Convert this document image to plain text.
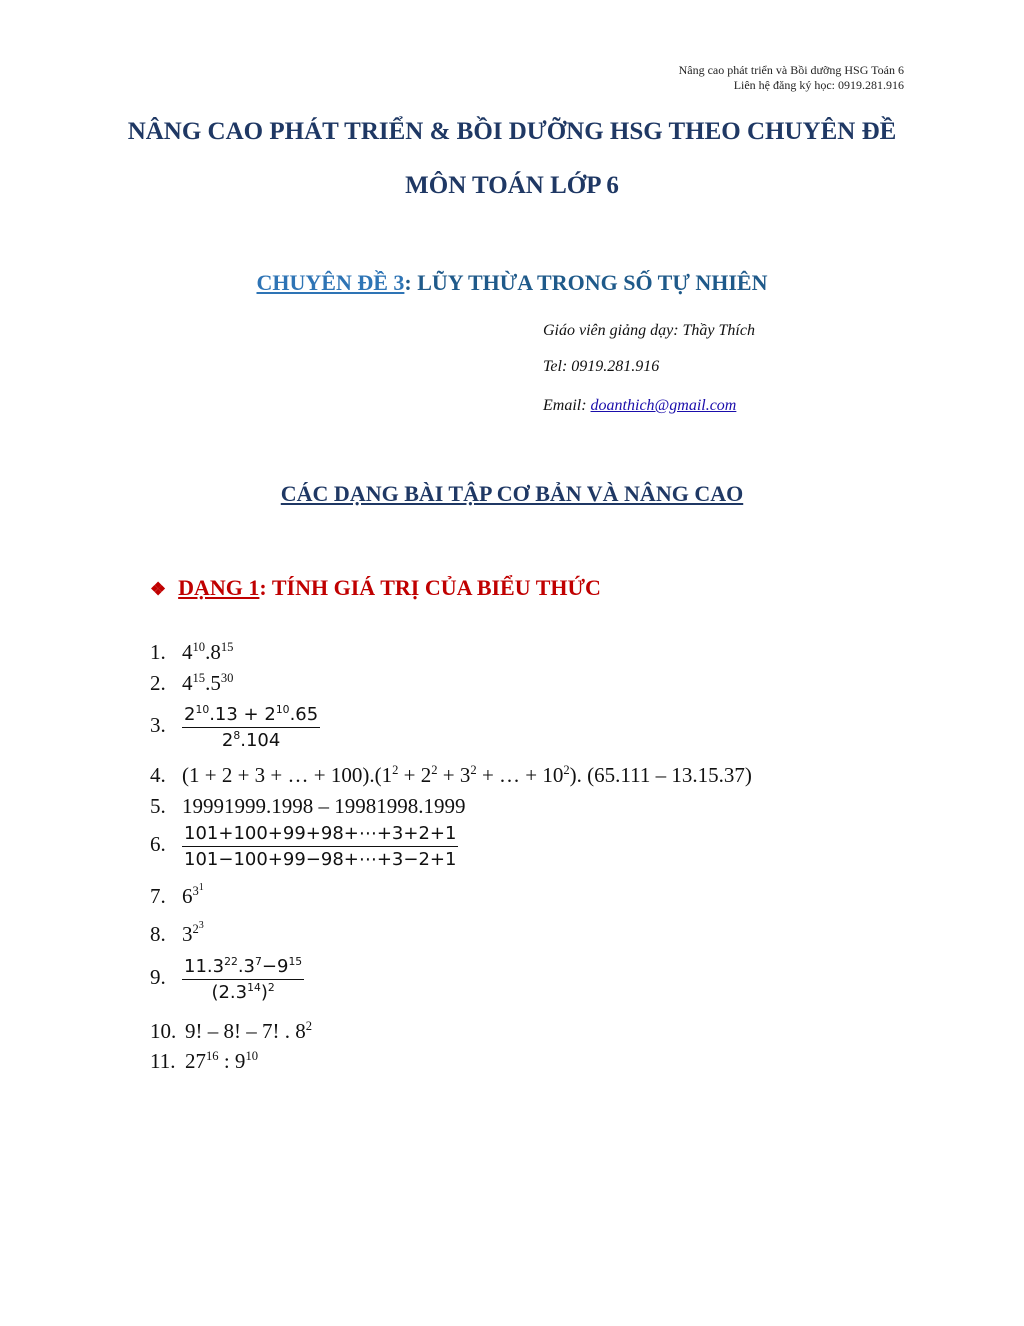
Nâng cao phát triển và Bồi dưỡng HSG Toán 6
Liên hệ đăng ký học: 0919.281.916
NÂNG CAO PHÁT TRIỂN & BỒI DƯỠNG HSG THEO CHUYÊN ĐỀ
MÔN TOÁN LỚP 6
CHUYÊN ĐỀ 3: LŨY THỪA TRONG SỐ TỰ NHIÊN
Giáo viên giảng dạy: Thầy Thích
Tel: 0919.281.916
Email: doanthich@gmail.com
CÁC DẠNG BÀI TẬP CƠ BẢN VÀ NÂNG CAO
❖ DẠNG 1: TÍNH GIÁ TRỊ CỦA BIỂU THỨC
1. $4^{10}.8^{15}$
2. $4^{15}.5^{30}$
3. $\frac{2^{10}.13 + 2^{10}.65}{2^8.104}$
4. (1 + 2 + 3 + … + $100).(1^2 + 2^2 + 3^2$ + … + $10^2$). (65.111 – 13.15.37)
5. 19991999.1998 – 19981998.1999
6. $\frac{101+100+99+98+\cdots+3+2+1}{101-100+99-98+\cdots+3-2+1}$
7. $6^{3^1}$
8. $3^{2^3}$
9. $\frac{11.3^{22}.3^7-9^{15}}{(2.3^{14})^2}$
10. 9! – 8! – 7! . $8^2$
11. $27^{16}$ : $9^{10}$
